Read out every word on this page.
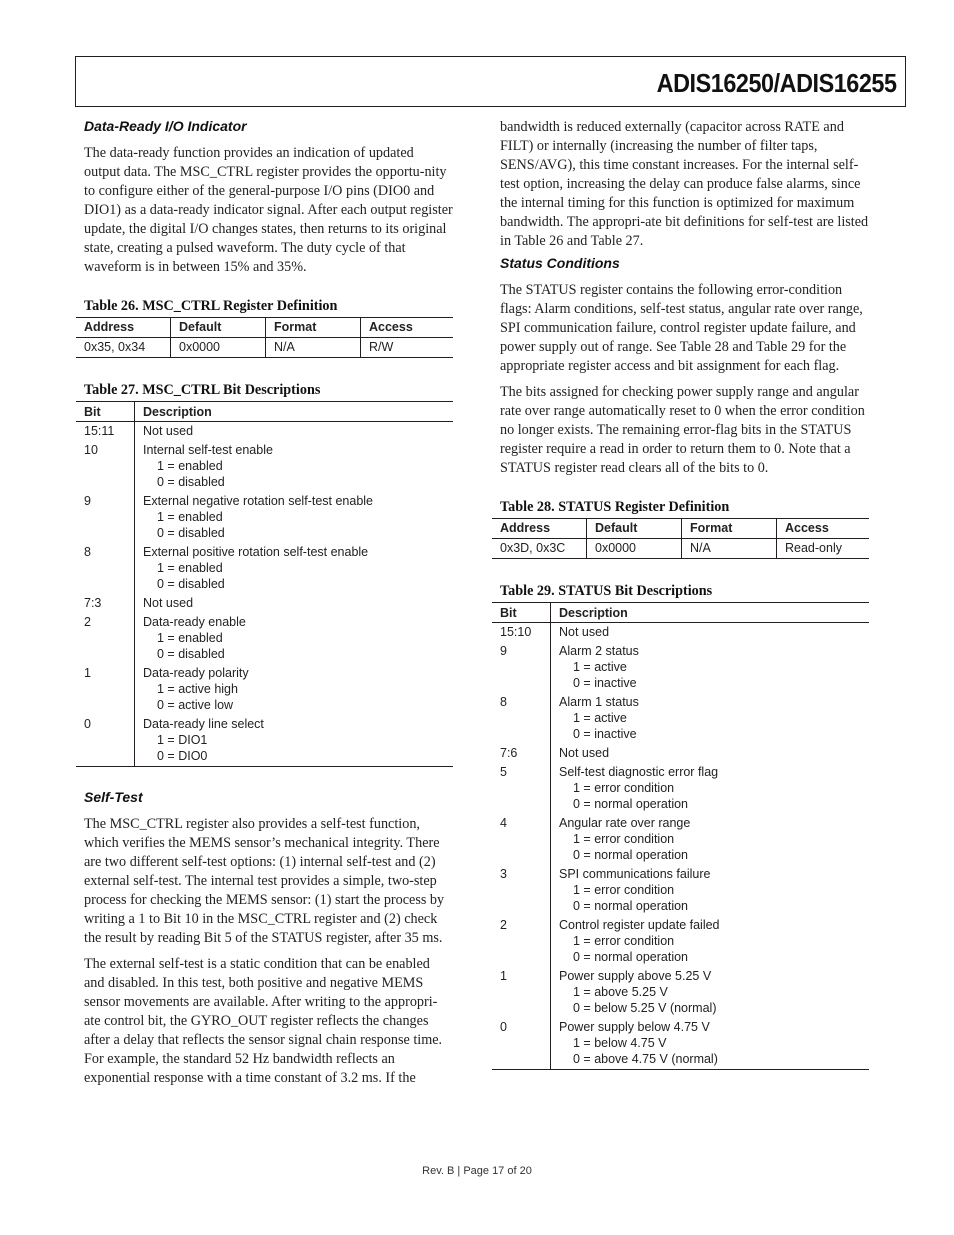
ADIS16250/ADIS16255
Data-Ready I/O Indicator

The data-ready function provides an indication of updated output data. The MSC_CTRL register provides the opportu-nity to configure either of the general-purpose I/O pins (DIO0 and DIO1) as a data-ready indicator signal. After each output register update, the digital I/O changes states, then returns to its original state, creating a pulsed waveform. The duty cycle of that waveform is in between 15% and 35%.

Table 26. MSC_CTRL Register Definition
Address	Default	Format	Access
0x35, 0x34	0x0000	N/A	R/W
Table 27. MSC_CTRL Bit Descriptions
Bit	Description
15:11	Not used

10	Internal self-test enable
1 = enabled
0 = disabled

9	External negative rotation self-test enable
1 = enabled
0 = disabled

8	External positive rotation self-test enable
1 = enabled
0 = disabled

7:3	Not used

2	Data-ready enable
1 = enabled
0 = disabled

1	Data-ready polarity
1 = active high
0 = active low

0	Data-ready line select
1 = DIO1
0 = DIO0
Self-Test

The MSC_CTRL register also provides a self-test function, which verifies the MEMS sensor’s mechanical integrity. There are two different self-test options: (1) internal self-test and (2) external self-test. The internal test provides a simple, two-step process for checking the MEMS sensor: (1) start the process by writing a 1 to Bit 10 in the MSC_CTRL register and (2) check the result by reading Bit 5 of the STATUS register, after 35 ms.

The external self-test is a static condition that can be enabled and disabled. In this test, both positive and negative MEMS sensor movements are available. After writing to the appropri-ate control bit, the GYRO_OUT register reflects the changes after a delay that reflects the sensor signal chain response time. For example, the standard 52 Hz bandwidth reflects an exponential response with a time constant of 3.2 ms. If the

bandwidth is reduced externally (capacitor across RATE and FILT) or internally (increasing the number of filter taps, SENS/AVG), this time constant increases. For the internal self-test option, increasing the delay can produce false alarms, since the internal timing for this function is optimized for maximum bandwidth. The appropri-ate bit definitions for self-test are listed in Table 26 and Table 27.

Status Conditions

The STATUS register contains the following error-condition flags: Alarm conditions, self-test status, angular rate over range, SPI communication failure, control register update failure, and power supply out of range. See Table 28 and Table 29 for the appropriate register access and bit assignment for each flag.

The bits assigned for checking power supply range and angular rate over range automatically reset to 0 when the error condition no longer exists. The remaining error-flag bits in the STATUS register require a read in order to return them to 0. Note that a STATUS register read clears all of the bits to 0.

Table 28. STATUS Register Definition
Address	Default	Format	Access
0x3D, 0x3C	0x0000	N/A	Read-only
Table 29. STATUS Bit Descriptions
Bit	Description
15:10	Not used

9	Alarm 2 status
1 = active
0 = inactive

8	Alarm 1 status
1 = active
0 = inactive

7:6	Not used

5	Self-test diagnostic error flag
1 = error condition
0 = normal operation

4	Angular rate over range
1 = error condition
0 = normal operation

3	SPI communications failure
1 = error condition
0 = normal operation

2	Control register update failed
1 = error condition
0 = normal operation

1	Power supply above 5.25 V
1 = above 5.25 V
0 = below 5.25 V (normal)

0	Power supply below 4.75 V
1 = below 4.75 V
0 = above 4.75 V (normal)
Rev. B | Page 17 of 20
